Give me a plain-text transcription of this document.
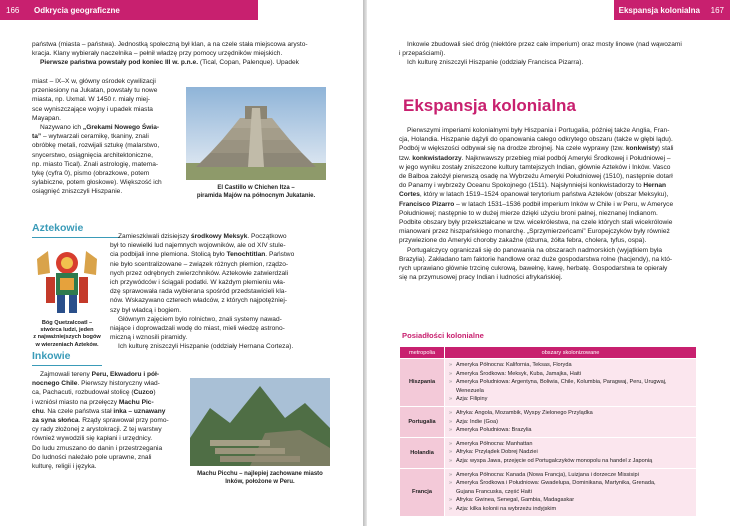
166 Odkrycia geograficzne

państwa (miasta – państwa). Jednostką społeczną był klan, a na czele stała miejscowa arysto-

kracja. Klany wybierały naczelnika – pełnił władzę przy pomocy urzędników miejskich.

Pierwsze państwa powstały pod koniec III w. p.n.e. (Tical, Copan, Palenque). Upadek

miast – IX–X w, główny ośrodek cywilizacji

przeniesiony na Jukatan, powstały tu nowe

miasta, np. Uxmal. W 1450 r. miały miej-

sce wyniszczające wojny i upadek miasta

Mayapan.

Nazywano ich „Grekami Nowego Świa-

ta” – wytwarzali ceramikę, tkaniny, znali

obróbkę metali, rozwijali sztukę (malarstwo,

snycerstwo, osiągnięcia architektoniczne,

np. miasto Tical). Znali astrologię, matema-

tykę (cyfra 0), pismo (obrazkowe, potem

sylabiczne, potem głoskowe). Większość ich

osiągnięć zniszczyli Hiszpanie.

El Castillo w Chichen Itza –
piramida Majów na północnym Jukatanie.
Aztekowie
Bóg Quetzalcoatl –
stwórca ludzi, jeden
z najważniejszych bogów
w wierzeniach Azteków.

Zamieszkiwali dzisiejszy środkowy Meksyk. Początkowo

był to niewielki lud najemnych wojowników, ale od XIV stule-

cia podbijali inne plemiona. Stolicą było Tenochtitlan. Państwo

nie było scentralizowane – związek różnych plemion, rządzo-

nych przez odrębnych zwierzchników. Aztekowie zatwierdzali

ich przywódców i ściągali podatki. W każdym plemieniu wła-

dzę sprawowała rada wybierana spośród przedstawicieli kla-

nów. Wskazywano czterech władców, z których najpotężniej-

szy był władcą i bogiem.

Głównym zajęciem było rolnictwo, znali systemy nawad-

niające i doprowadzali wodę do miast, mieli wiedzę astrono-

miczną i wznosili piramidy.

Ich kulturę zniszczyli Hiszpanie (oddziały Hernana Corteza).

Inkowie

Zajmowali tereny Peru, Ekwadoru i pół-

nocnego Chile. Pierwszy historyczny wład-

ca, Pachacuti, rozbudował stolicę (Cuzco)

i wzniósł miasto na przełęczy Machu Pic-

chu. Na czele państwa stał inka – uznawany

za syna słońca. Rządy sprawował przy pomo-

cy rady złożonej z arystokracji. Z tej warstwy

również wywodzili się kapłani i urzędnicy.

Do ludu zmuszano do danin i przestrzegania

Do ludności należało pole uprawne, znali

kulturę, religii i języka.

Machu Picchu – najlepiej zachowane miasto
Inków, położone w Peru.
Ekspansja kolonialna 167

Inkowie zbudowali sieć dróg (niektóre przez całe imperium) oraz mosty linowe (nad wąwozami

i przepaściami).

Ich kulturę zniszczyli Hiszpanie (oddziały Francisca Pizarra).

Ekspansja kolonialna

Pierwszymi imperiami kolonialnymi były Hiszpania i Portugalia, później także Anglia, Fran-

cja, Holandia. Hiszpanie dążyli do opanowania całego odkrytego obszaru (także w głębi lądu).

Podbój w większości odbywał się na drodze zbrojnej. Na czele wyprawy (tzw. konkwisty) stali

tzw. konkwistadorzy. Najkrwawszy przebieg miał podbój Ameryki Środkowej i Południowej –

w jego wyniku zostały zniszczone kultury tamtejszych Indian, głównie Azteków i Inków. Vasco

de Balboa założył pierwszą osadę na Wybrzeżu Ameryki Południowej (1510), następnie dotarł

do Panamy i wybrzeży Oceanu Spokojnego (1511). Najsłynniejsi konkwistadorzy to Hernan

Cortes, który w latach 1519–1524 opanował terytorium państwa Azteków (obszar Meksyku),

Francisco Pizarro – w latach 1531–1536 podbił imperium Inków w Chile i w Peru, w Ameryce

Południowej; następnie to w dużej mierze dzięki użyciu broni palnej, nieznanej Indianom.

Podbite obszary były przekształcane w tzw. wicekrólestwa, na czele których stali wicekrólowie

mianowani przez hiszpańskiego monarchę. „Sprzymierzeńcami” Europejczyków były również

przywiezione do Ameryki choroby zakaźne (dżuma, żółta febra, cholera, tyfus, ospa).

Portugalczycy ograniczali się do panowania na obszarach nadmorskich (wyjątkiem była

Brazylia). Zakładano tam faktorie handlowe oraz duże gospodarstwa rolne (hacjendy), na któ-

rych uprawiano głównie trzcinę cukrową, bawełnę, kawę, herbatę. Gospodarstwa te opierały

się na przymusowej pracy Indian i ludności afrykańskiej.

Posiadłości kolonialne
metropolia	obszary skolonizowane
Hiszpania	» Ameryka Północna: Kalifornia, Teksas, Floryda
» Ameryka Środkowa: Meksyk, Kuba, Jamajka, Haiti
» Ameryka Południowa: Argentyna, Boliwia, Chile, Kolumbia, Paragwaj, Peru, Urugwaj,
Wenezuela
» Azja: Filipiny

Portugalia	» Afryka: Angola, Mozambik, Wyspy Zielonego Przylądka
» Azja: Indie (Goa)
» Ameryka Południowa: Brazylia

Holandia	» Ameryka Północna: Manhattan
» Afryka: Przylądek Dobrej Nadziei
» Azja: wyspa Jawa, przejęcie od Portugalczyków monopolu na handel z Japonią

Francja	» Ameryka Północna: Kanada (Nowa Francja), Luizjana i dorzecze Missisipi
» Ameryka Środkowa i Południowa: Gwadelupa, Dominikana, Martynika, Grenada,
Gujana Francuska, część Haiti
» Afryka: Gwinea, Senegal, Gambia, Madagaskar
» Azja: kilka kolonii na wybrzeżu indyjskim
